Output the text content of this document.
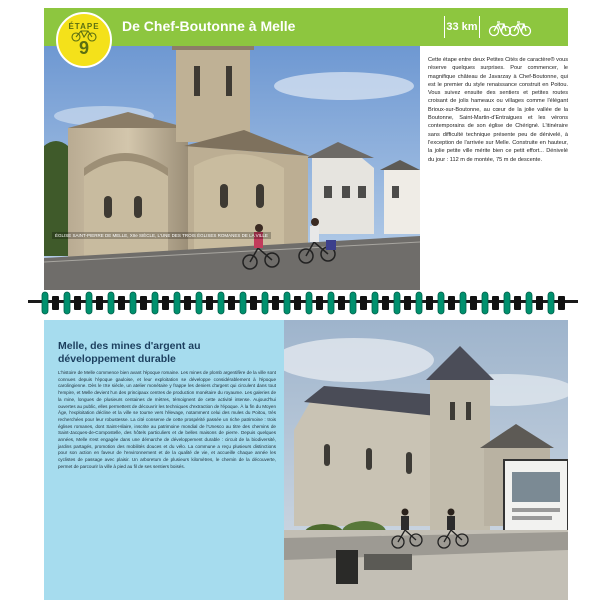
De Chef-Boutonne à Melle	33 km
ÉGLISE SAINT-PIERRE DE MELLE, XIIe SIÈCLE, L'UNE DES TROIS ÉGLISES ROMANES DE LA VILLE
Cette étape entre deux Petites Cités de caractère® vous réserve quelques surprises. Pour commencer, le magnifique château de Javarzay à Chef-Boutonne, qui est le premier du style renaissance construit en Poitou. Vous suivez ensuite des sentiers et petites routes croisant de jolis hameaux ou villages comme l'élégant Brioux-sur-Boutonne, au cœur de la jolie vallée de la Boutonne, Saint-Martin-d'Entraigues et les vérons contemporains de son église de Chérigné. L'itinéraire sans difficulté technique présente peu de dénivelé, à l'exception de l'arrivée sur Melle. Construite en hauteur, la jolie petite ville mérite bien ce petit effort... Dénivelé du jour : 112 m de montée, 75 m de descente.
ÉTAPE
9
Melle, des mines d'argent au développement durable
L'histoire de Melle commence bien avant l'époque romaine. Les mines de plomb argentifère de la ville sont connues depuis l'époque gauloise, et leur exploitation se développe considérablement à l'époque carolingienne. Dès le IXe siècle, un atelier monétaire y frappe les deniers d'argent qui circulent dans tout l'empire, et Melle devient l'un des principaux centres de production monétaire du royaume. Les galeries de la mine, longues de plusieurs centaines de mètres, témoignent de cette activité intense. Aujourd'hui ouvertes au public, elles permettent de découvrir les techniques d'extraction de l'époque. À la fin du Moyen Âge, l'exploitation décline et la ville se tourne vers l'élevage, notamment celui des mules du Poitou, très recherchées pour leur robustesse. La cité conserve de cette prospérité passée un riche patrimoine : trois églises romanes, dont Saint-Hilaire, inscrite au patrimoine mondial de l'Unesco au titre des chemins de Saint-Jacques-de-Compostelle, des hôtels particuliers et de belles maisons de pierre. Depuis quelques années, Melle s'est engagée dans une démarche de développement durable : circuit de la biodiversité, jardins partagés, promotion des mobilités douces et du vélo. La commune a reçu plusieurs distinctions pour son action en faveur de l'environnement et de la qualité de vie, et accueille chaque année les cyclistes de passage avec plaisir. Un arboretum de plusieurs kilomètres, le chemin de la découverte, permet de parcourir la ville à pied au fil de ses sentiers boisés.
